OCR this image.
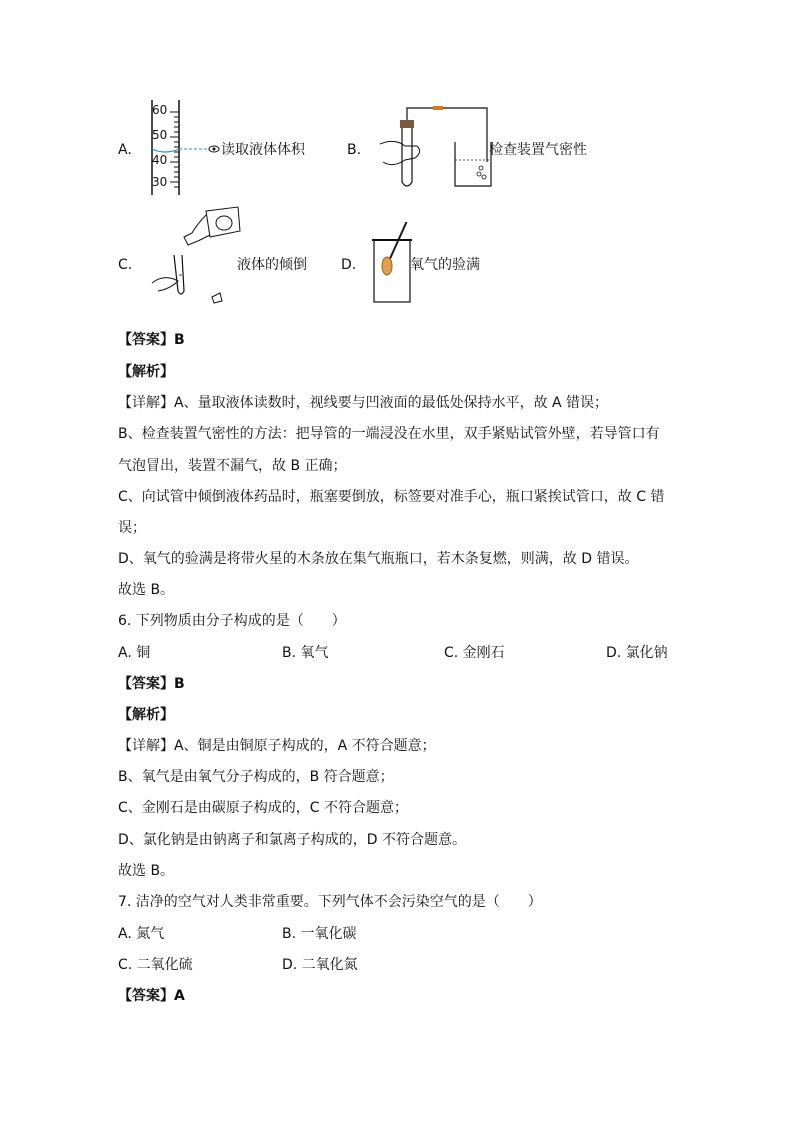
A.
60
50
40
30
读取液体体积	B.	检查装置气密性
C.	液体的倾倒 D.	氧气的验满
【答案】B
【解析】
【详解】A、量取液体读数时，视线要与凹液面的最低处保持水平，故 A 错误；
B、检查装置气密性的方法：把导管的一端浸没在水里，双手紧贴试管外壁，若导管口有
气泡冒出，装置不漏气，故 B 正确；
C、向试管中倾倒液体药品时，瓶塞要倒放，标签要对准手心，瓶口紧挨试管口，故 C 错
误；
D、氧气的验满是将带火星的木条放在集气瓶瓶口，若木条复燃，则满，故 D 错误。
故选 B。
6. 下列物质由分子构成的是（　　）
A. 铜	B. 氧气	C. 金刚石	D. 氯化钠
【答案】B
【解析】
【详解】A、铜是由铜原子构成的，A 不符合题意；
B、氧气是由氧气分子构成的，B 符合题意；
C、金刚石是由碳原子构成的，C 不符合题意；
D、氯化钠是由钠离子和氯离子构成的，D 不符合题意。
故选 B。
7. 洁净的空气对人类非常重要。下列气体不会污染空气的是（　　）
A. 氮气	B. 一氧化碳
C. 二氧化硫	D. 二氧化氮
【答案】A
